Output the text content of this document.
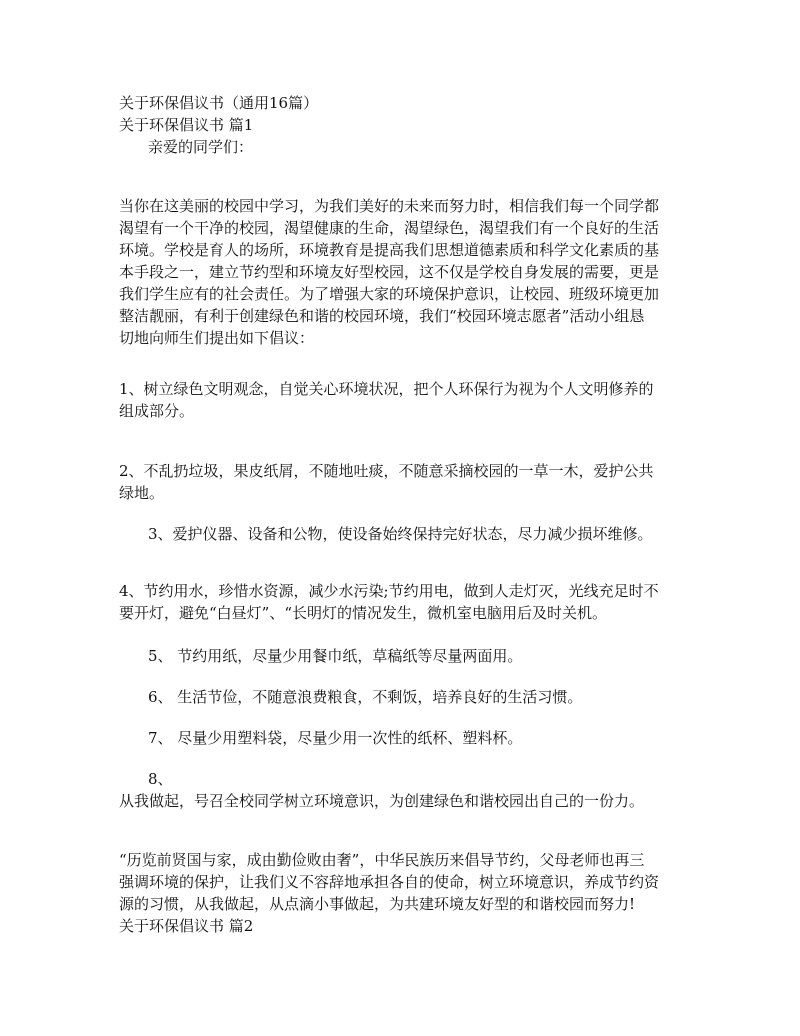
关于环保倡议书（通用16篇）
关于环保倡议书 篇1
亲爱的同学们：
当你在这美丽的校园中学习，为我们美好的未来而努力时，相信我们每一个同学都
渴望有一个干净的校园，渴望健康的生命，渴望绿色，渴望我们有一个良好的生活
环境。学校是育人的场所，环境教育是提高我们思想道德素质和科学文化素质的基
本手段之一，建立节约型和环境友好型校园，这不仅是学校自身发展的需要，更是
我们学生应有的社会责任。为了增强大家的环境保护意识，让校园、班级环境更加
整洁靓丽，有利于创建绿色和谐的校园环境，我们“校园环境志愿者”活动小组恳
切地向师生们提出如下倡议：
1、树立绿色文明观念，自觉关心环境状况，把个人环保行为视为个人文明修养的
组成部分。
2、不乱扔垃圾，果皮纸屑，不随地吐痰，不随意采摘校园的一草一木，爱护公共
绿地。
3、爱护仪器、设备和公物，使设备始终保持完好状态，尽力减少损坏维修。
4、节约用水，珍惜水资源，减少水污染;节约用电，做到人走灯灭，光线充足时不
要开灯，避免“白昼灯”、“长明灯的情况发生，微机室电脑用后及时关机。
5、 节约用纸，尽量少用餐巾纸，草稿纸等尽量两面用。
6、 生活节俭，不随意浪费粮食，不剩饭，培养良好的生活习惯。
7、 尽量少用塑料袋，尽量少用一次性的纸杯、塑料杯。
8、
从我做起，号召全校同学树立环境意识，为创建绿色和谐校园出自己的一份力。
“历览前贤国与家，成由勤俭败由奢”，中华民族历来倡导节约，父母老师也再三
强调环境的保护，让我们义不容辞地承担各自的使命，树立环境意识，养成节约资
源的习惯，从我做起，从点滴小事做起，为共建环境友好型的和谐校园而努力!
关于环保倡议书 篇2
